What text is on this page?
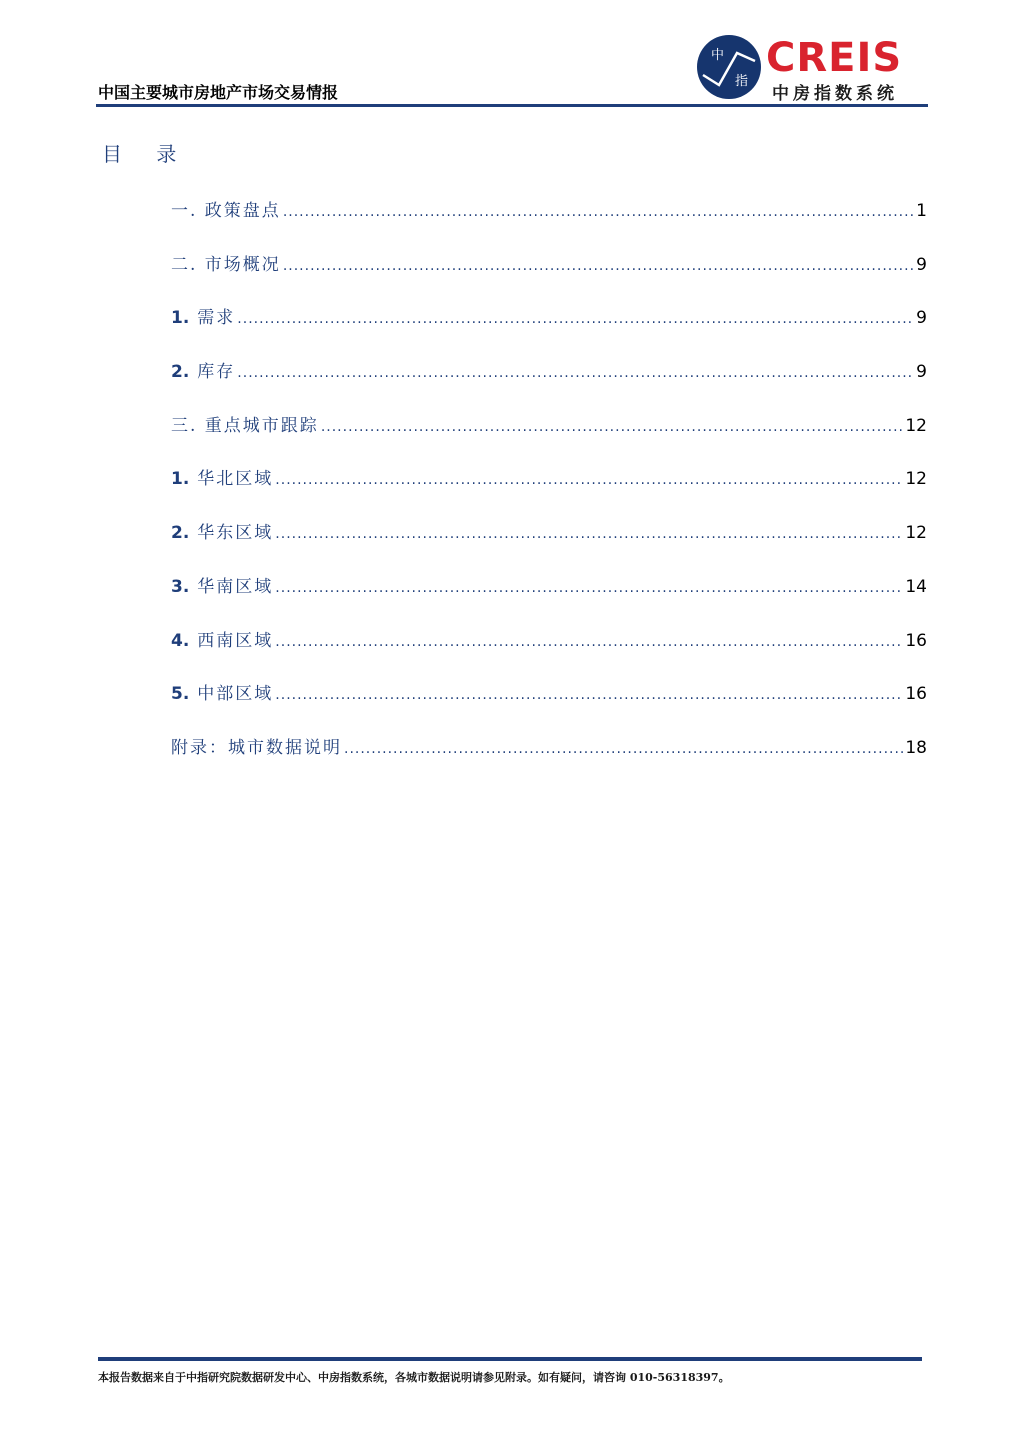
中国主要城市房地产市场交易情报
中
指
CREIS
中房指数系统
目 录
一. 政策盘点 .....	1
二. 市场概况 .....	9
1. 需求 .....	9
2. 库存 .....	9
三. 重点城市跟踪 .....	12
1. 华北区域 .....	12
2. 华东区域 .....	12
3. 华南区域 .....	14
4. 西南区域 .....	16
5. 中部区域 .....	16
附录：城市数据说明 .....	18
本报告数据来自于中指研究院数据研发中心、中房指数系统，各城市数据说明请参见附录。如有疑问，请咨询 010-56318397。
